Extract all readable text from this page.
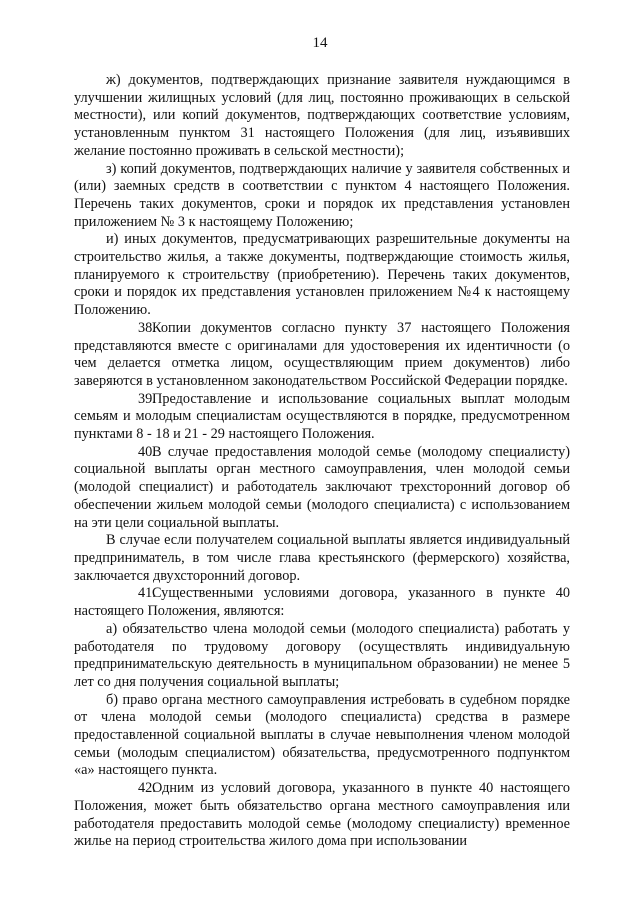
14

ж) документов, подтверждающих признание заявителя нуждающимся в улучшении жилищных условий (для лиц, постоянно проживающих в сельской местности), или копий документов, подтверждающих соответствие условиям, установленным пунктом 31 настоящего Положения (для лиц, изъявивших желание постоянно проживать в сельской местности);

з) копий документов, подтверждающих наличие у заявителя собственных и (или) заемных средств в соответствии с пунктом 4 настоящего Положения. Перечень таких документов, сроки и порядок их представления установлен приложением № 3 к настоящему Положению;

и) иных документов, предусматривающих разрешительные документы на строительство жилья, а также документы, подтверждающие стоимость жилья, планируемого к строительству (приобретению). Перечень таких документов, сроки и порядок их представления установлен приложением №4 к настоящему Положению.

38.Копии документов согласно пункту 37 настоящего Положения представляются вместе с оригиналами для удостоверения их идентичности (о чем делается отметка лицом, осуществляющим прием документов) либо заверяются в установленном законодательством Российской Федерации порядке.

39.Предоставление и использование социальных выплат молодым семьям и молодым специалистам осуществляются в порядке, предусмотренном пунктами 8 - 18 и 21 - 29 настоящего Положения.

40.В случае предоставления молодой семье (молодому специалисту) социальной выплаты орган местного самоуправления, член молодой семьи (молодой специалист) и работодатель заключают трехсторонний договор об обеспечении жильем молодой семьи (молодого специалиста) с использованием на эти цели социальной выплаты.

В случае если получателем социальной выплаты является индивидуальный предприниматель, в том числе глава крестьянского (фермерского) хозяйства, заключается двухсторонний договор.

41.Существенными условиями договора, указанного в пункте 40 настоящего Положения, являются:

а) обязательство члена молодой семьи (молодого специалиста) работать у работодателя по трудовому договору (осуществлять индивидуальную предпринимательскую деятельность в муниципальном образовании) не менее 5 лет со дня получения социальной выплаты;

б) право органа местного самоуправления истребовать в судебном порядке от члена молодой семьи (молодого специалиста) средства в размере предоставленной социальной выплаты в случае невыполнения членом молодой семьи (молодым специалистом) обязательства, предусмотренного подпунктом «а» настоящего пункта.

42.Одним из условий договора, указанного в пункте 40 настоящего Положения, может быть обязательство органа местного самоуправления или работодателя предоставить молодой семье (молодому специалисту) временное жилье на период строительства жилого дома при использовании
